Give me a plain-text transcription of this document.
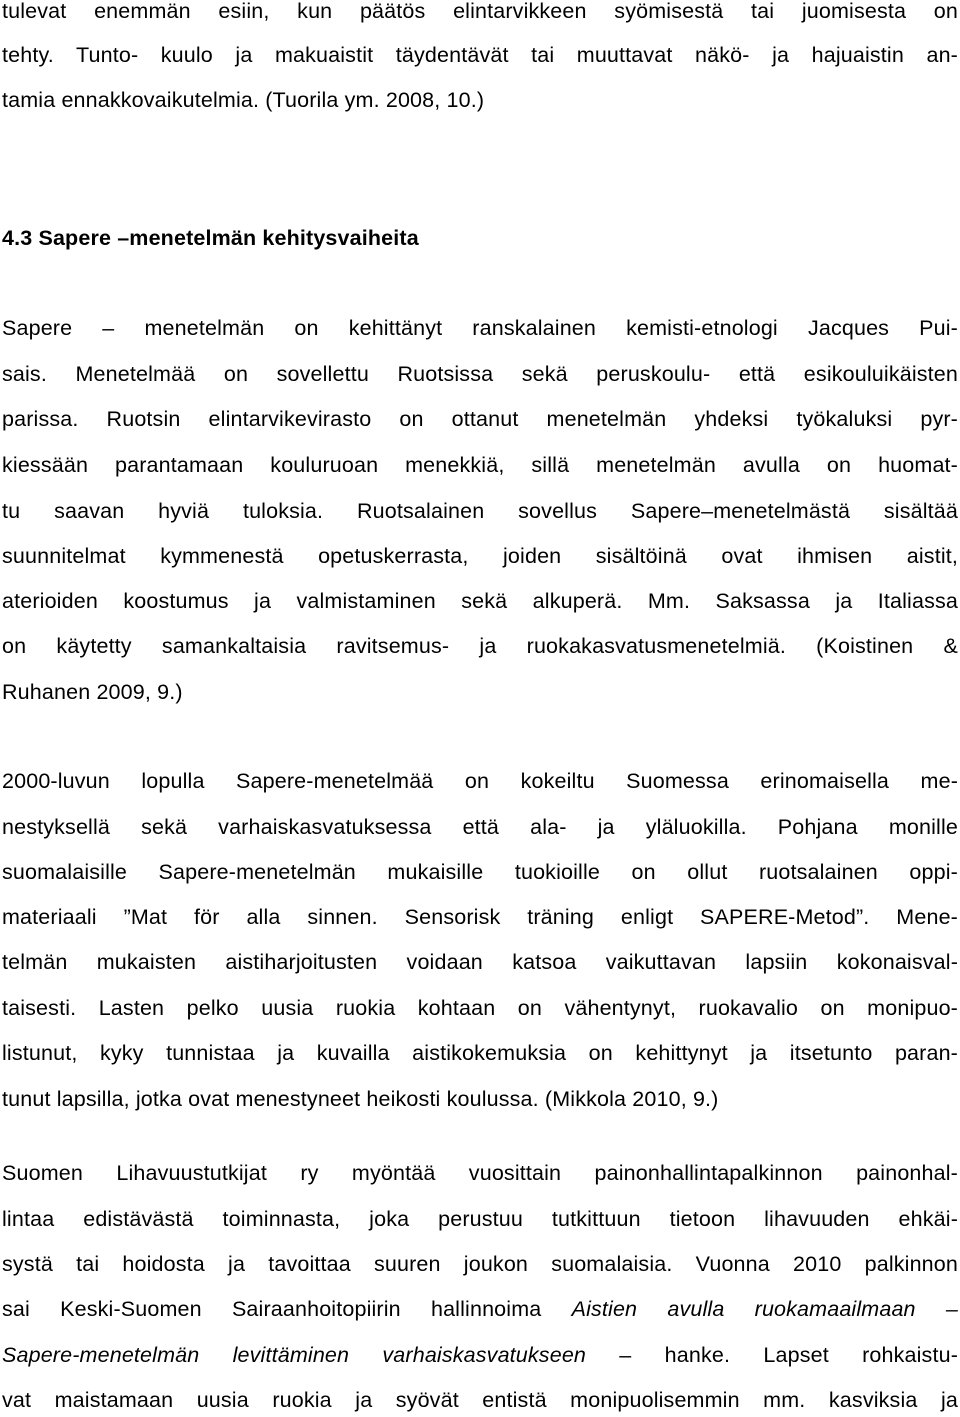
tulevat enemmän esiin, kun päätös elintarvikkeen syömisestä tai juomisesta on

tehty. Tunto- kuulo ja makuaistit täydentävät tai muuttavat näkö- ja hajuaistin an-

tamia ennakkovaikutelmia. (Tuorila ym. 2008, 10.)

4.3 Sapere –menetelmän kehitysvaiheita

Sapere – menetelmän on kehittänyt ranskalainen kemisti-etnologi Jacques Pui-

sais. Menetelmää on sovellettu Ruotsissa sekä peruskoulu- että esikouluikäisten

parissa. Ruotsin elintarvikevirasto on ottanut menetelmän yhdeksi työkaluksi pyr-

kiessään parantamaan kouluruoan menekkiä, sillä menetelmän avulla on huomat-

tu saavan hyviä tuloksia. Ruotsalainen sovellus Sapere–menetelmästä sisältää

suunnitelmat kymmenestä opetuskerrasta, joiden sisältöinä ovat ihmisen aistit,

aterioiden koostumus ja valmistaminen sekä alkuperä. Mm. Saksassa ja Italiassa

on käytetty samankaltaisia ravitsemus- ja ruokakasvatusmenetelmiä. (Koistinen &

Ruhanen 2009, 9.)

2000-luvun lopulla Sapere-menetelmää on kokeiltu Suomessa erinomaisella me-

nestyksellä sekä varhaiskasvatuksessa että ala- ja yläluokilla. Pohjana monille

suomalaisille Sapere-menetelmän mukaisille tuokioille on ollut ruotsalainen oppi-

materiaali ”Mat för alla sinnen. Sensorisk träning enligt SAPERE-Metod”. Mene-

telmän mukaisten aistiharjoitusten voidaan katsoa vaikuttavan lapsiin kokonaisval-

taisesti. Lasten pelko uusia ruokia kohtaan on vähentynyt, ruokavalio on monipuo-

listunut, kyky tunnistaa ja kuvailla aistikokemuksia on kehittynyt ja itsetunto paran-

tunut lapsilla, jotka ovat menestyneet heikosti koulussa. (Mikkola 2010, 9.)

Suomen Lihavuustutkijat ry myöntää vuosittain painonhallintapalkinnon painonhal-

lintaa edistävästä toiminnasta, joka perustuu tutkittuun tietoon lihavuuden ehkäi-

systä tai hoidosta ja tavoittaa suuren joukon suomalaisia. Vuonna 2010 palkinnon

sai Keski-Suomen Sairaanhoitopiirin hallinnoima Aistien avulla ruokamaailmaan –

Sapere-menetelmän levittäminen varhaiskasvatukseen – hanke. Lapset rohkaistu-

vat maistamaan uusia ruokia ja syövät entistä monipuolisemmin mm. kasviksia ja
